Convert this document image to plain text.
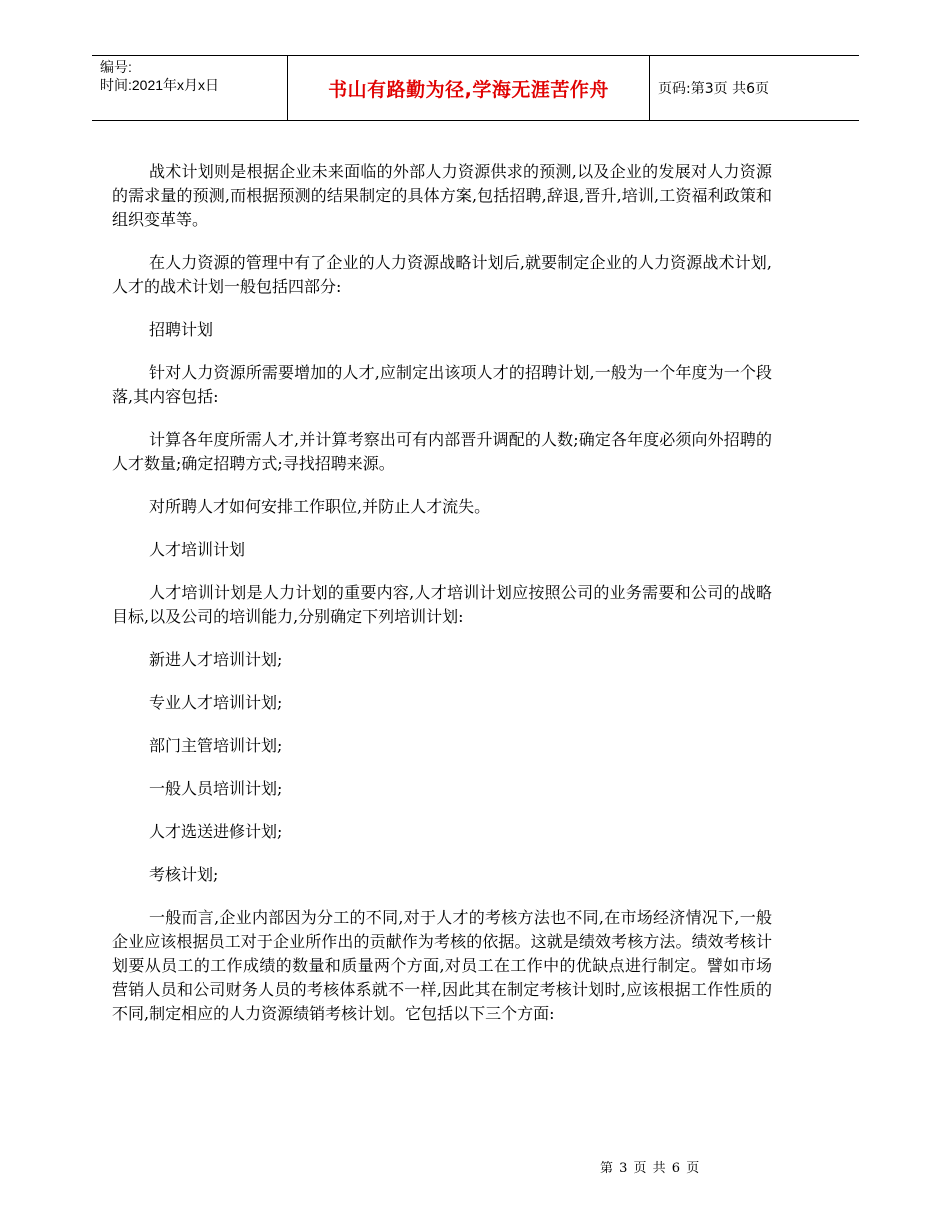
编号:
时间:2021年x月x日	书山有路勤为径,学海无涯苦作舟	页码:第3页 共6页

战术计划则是根据企业未来面临的外部人力资源供求的预测,以及企业的发展对人力资源的需求量的预测,而根据预测的结果制定的具体方案,包括招聘,辞退,晋升,培训,工资福利政策和组织变革等。

在人力资源的管理中有了企业的人力资源战略计划后,就要制定企业的人力资源战术计划,人才的战术计划一般包括四部分:

招聘计划

针对人力资源所需要增加的人才,应制定出该项人才的招聘计划,一般为一个年度为一个段落,其内容包括:

计算各年度所需人才,并计算考察出可有内部晋升调配的人数;确定各年度必须向外招聘的人才数量;确定招聘方式;寻找招聘来源。

对所聘人才如何安排工作职位,并防止人才流失。

人才培训计划

人才培训计划是人力计划的重要内容,人才培训计划应按照公司的业务需要和公司的战略目标,以及公司的培训能力,分别确定下列培训计划:

新进人才培训计划;

专业人才培训计划;

部门主管培训计划;

一般人员培训计划;

人才选送进修计划;

考核计划;

一般而言,企业内部因为分工的不同,对于人才的考核方法也不同,在市场经济情况下,一般企业应该根据员工对于企业所作出的贡献作为考核的依据。这就是绩效考核方法。绩效考核计划要从员工的工作成绩的数量和质量两个方面,对员工在工作中的优缺点进行制定。譬如市场营销人员和公司财务人员的考核体系就不一样,因此其在制定考核计划时,应该根据工作性质的不同,制定相应的人力资源绩销考核计划。它包括以下三个方面:

第 3 页 共 6 页
